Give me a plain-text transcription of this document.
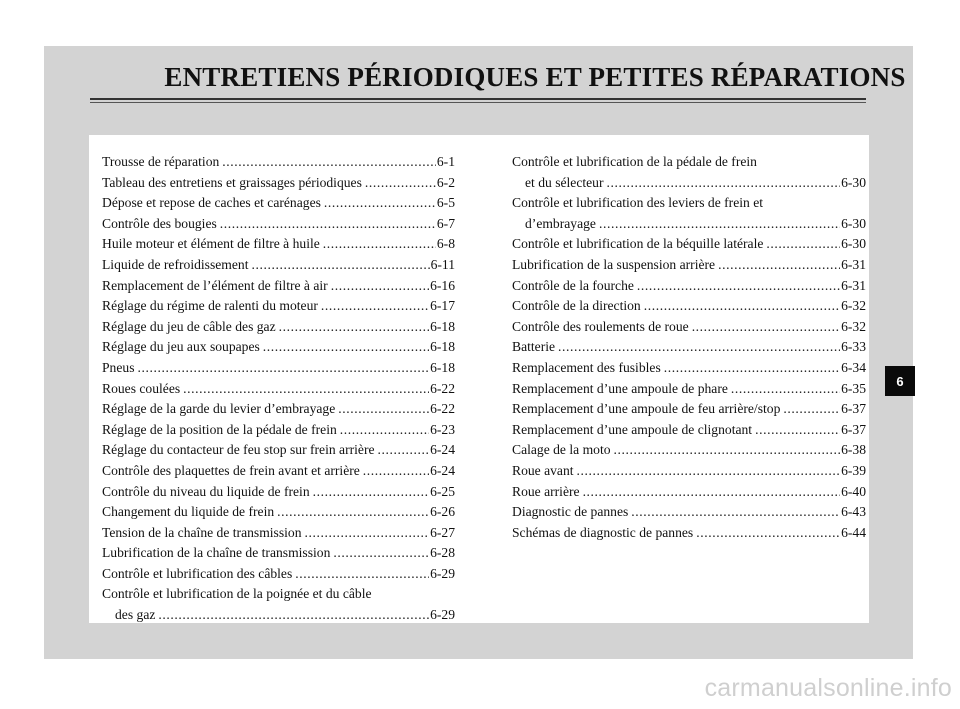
ENTRETIENS PÉRIODIQUES ET PETITES RÉPARATIONS
Trousse de réparation .....	6-1
Tableau des entretiens et graissages périodiques .....	6-2
Dépose et repose de caches et carénages .....	6-5
Contrôle des bougies .....	6-7
Huile moteur et élément de filtre à huile .....	6-8
Liquide de refroidissement .....	6-11
Remplacement de l’élément de filtre à air .....	6-16
Réglage du régime de ralenti du moteur .....	6-17
Réglage du jeu de câble des gaz .....	6-18
Réglage du jeu aux soupapes .....	6-18
Pneus .....	6-18
Roues coulées .....	6-22
Réglage de la garde du levier d’embrayage .....	6-22
Réglage de la position de la pédale de frein .....	6-23
Réglage du contacteur de feu stop sur frein arrière .....	6-24
Contrôle des plaquettes de frein avant et arrière .....	6-24
Contrôle du niveau du liquide de frein .....	6-25
Changement du liquide de frein .....	6-26
Tension de la chaîne de transmission .....	6-27
Lubrification de la chaîne de transmission .....	6-28
Contrôle et lubrification des câbles .....	6-29
Contrôle et lubrification de la poignée et du câble
des gaz .....	6-29
Contrôle et lubrification de la pédale de frein
et du sélecteur .....	6-30
Contrôle et lubrification des leviers de frein et
d’embrayage .....	6-30
Contrôle et lubrification de la béquille latérale .....	6-30
Lubrification de la suspension arrière .....	6-31
Contrôle de la fourche .....	6-31
Contrôle de la direction .....	6-32
Contrôle des roulements de roue .....	6-32
Batterie .....	6-33
Remplacement des fusibles .....	6-34
Remplacement d’une ampoule de phare .....	6-35
Remplacement d’une ampoule de feu arrière/stop .....	6-37
Remplacement d’une ampoule de clignotant .....	6-37
Calage de la moto .....	6-38
Roue avant .....	6-39
Roue arrière .....	6-40
Diagnostic de pannes .....	6-43
Schémas de diagnostic de pannes .....	6-44
6
carmanualsonline.info
